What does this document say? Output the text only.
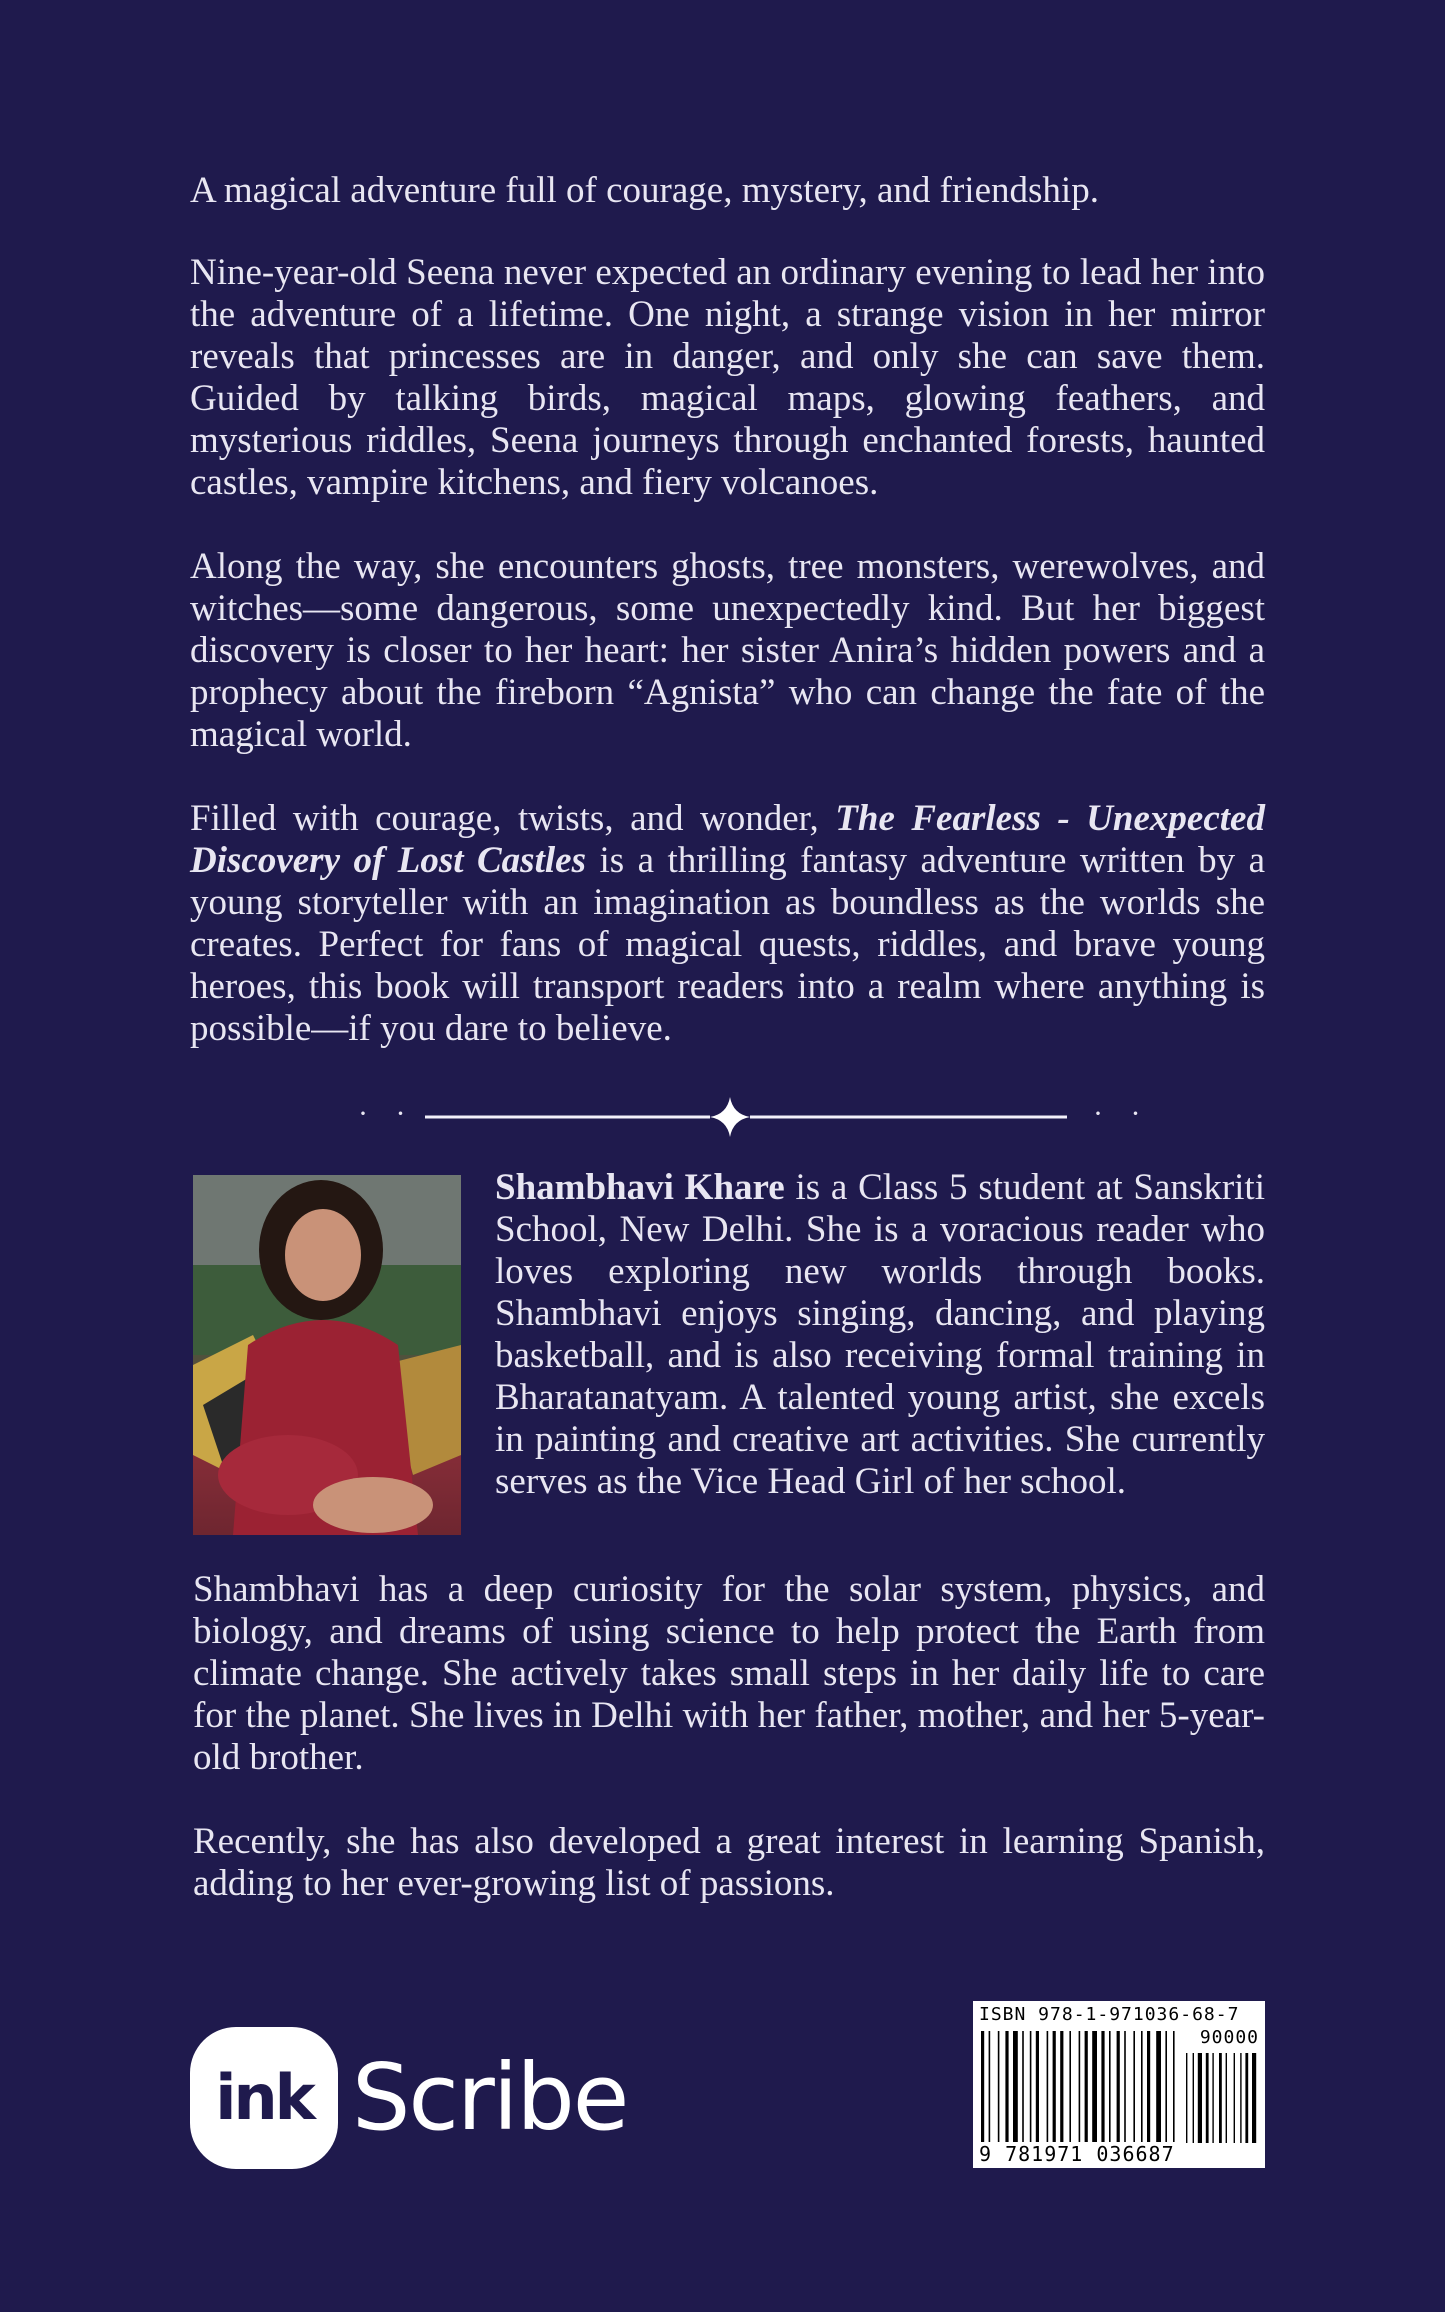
A magical adventure full of courage, mystery, and friendship.

Nine-year-old Seena never expected an ordinary evening to lead her into the adventure of a lifetime. One night, a strange vision in her mirror reveals that princesses are in danger, and only she can save them. Guided by talking birds, magical maps, glowing feathers, and mysterious riddles, Seena journeys through enchanted forests, haunted castles, vampire kitchens, and fiery volcanoes.

Along the way, she encounters ghosts, tree monsters, werewolves, and witches—some dangerous, some unexpectedly kind. But her biggest discovery is closer to her heart: her sister Anira’s hidden powers and a prophecy about the fireborn “Agnista” who can change the fate of the magical world.

Filled with courage, twists, and wonder, The Fearless - Unexpected Discovery of Lost Castles is a thrilling fantasy adventure written by a young storyteller with an imagination as boundless as the worlds she creates. Perfect for fans of magical quests, riddles, and brave young heroes, this book will transport readers into a realm where anything is possible—if you dare to believe.

· ·	· ·

Shambhavi Khare is a Class 5 student at Sanskriti School, New Delhi. She is a voracious reader who loves exploring new worlds through books. Shambhavi enjoys singing, dancing, and playing basketball, and is also receiving formal training in Bharatanatyam. A talented young artist, she excels in painting and creative art activities. She currently serves as the Vice Head Girl of her school.

Shambhavi has a deep curiosity for the solar system, physics, and biology, and dreams of using science to help protect the Earth from climate change. She actively takes small steps in her daily life to care for the planet. She lives in Delhi with her father, mother, and her 5-year-old brother.

Recently, she has also developed a great interest in learning Spanish, adding to her ever-growing list of passions.

ink Scribe
ISBN 978-1-971036-68-7
90000
9 781971 036687
